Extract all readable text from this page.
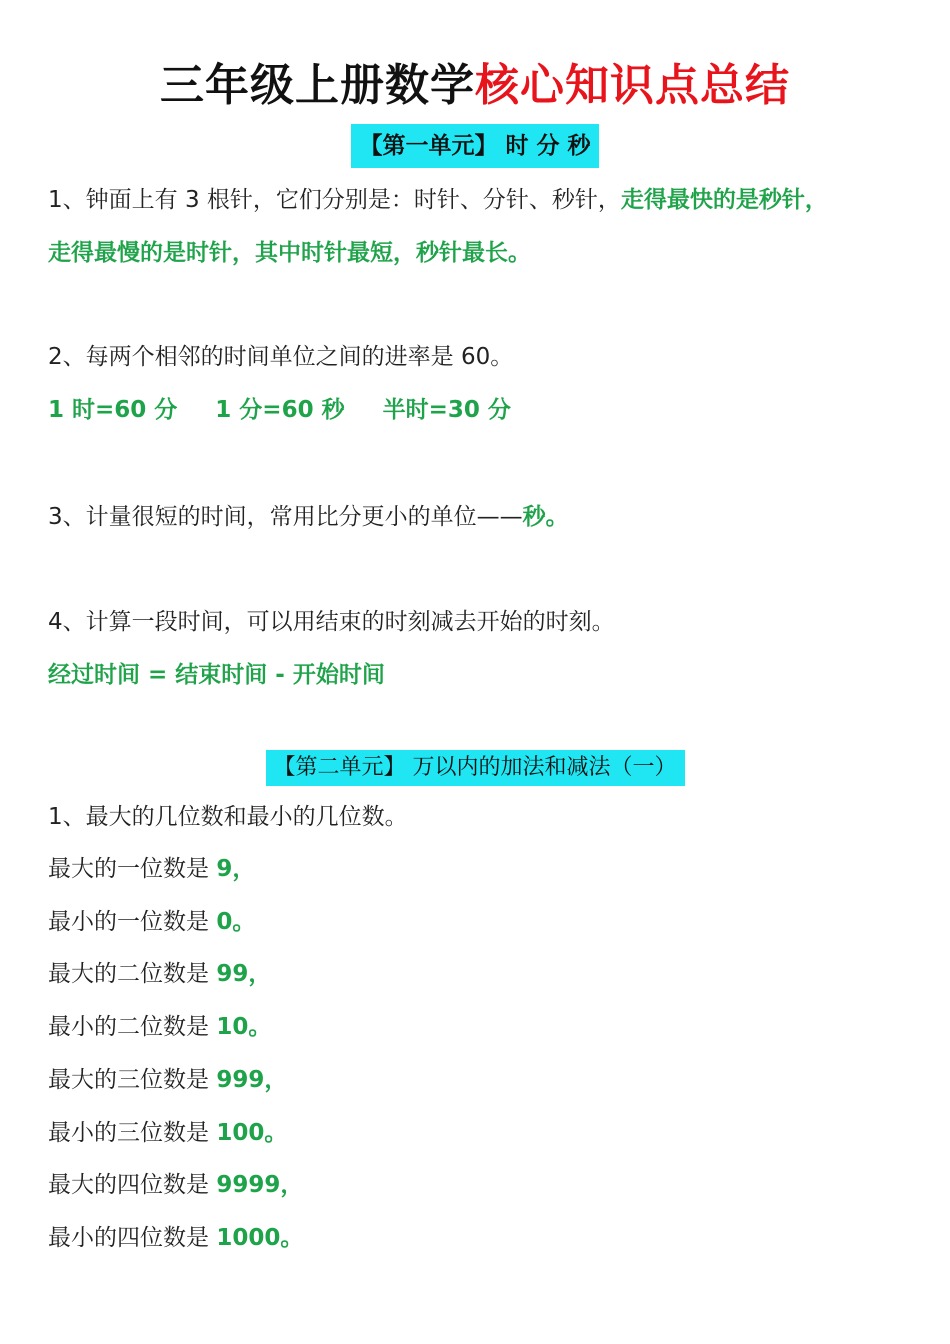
三年级上册数学核心知识点总结
【第一单元】 时 分 秒
1、钟面上有 3 根针，它们分别是：时针、分针、秒针，走得最快的是秒针，
走得最慢的是时针，其中时针最短，秒针最长。
2、每两个相邻的时间单位之间的进率是 60。
1 时=60 分 1 分=60 秒 半时=30 分
3、计量很短的时间，常用比分更小的单位——秒。
4、计算一段时间，可以用结束的时刻减去开始的时刻。
经过时间 = 结束时间 - 开始时间
【第二单元】 万以内的加法和减法（一）
1、最大的几位数和最小的几位数。
最大的一位数是 9，
最小的一位数是 0。
最大的二位数是 99，
最小的二位数是 10。
最大的三位数是 999，
最小的三位数是 100。
最大的四位数是 9999，
最小的四位数是 1000。
